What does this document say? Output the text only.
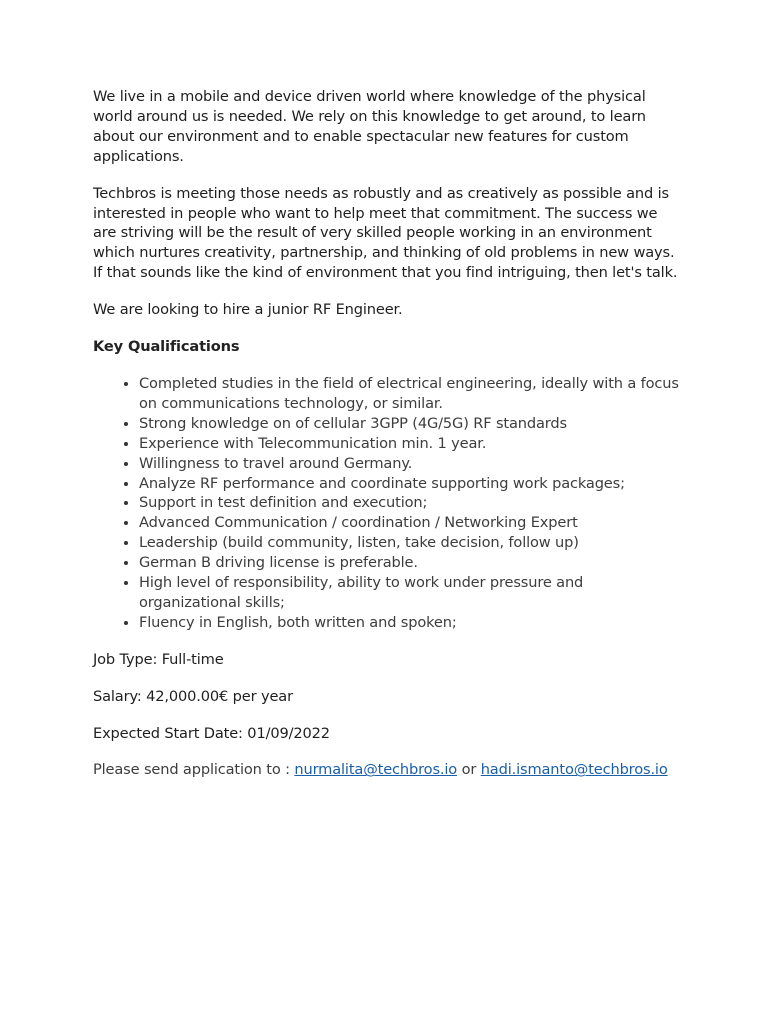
We live in a mobile and device driven world where knowledge of the physical world around us is needed. We rely on this knowledge to get around, to learn about our environment and to enable spectacular new features for custom applications.

Techbros is meeting those needs as robustly and as creatively as possible and is interested in people who want to help meet that commitment. The success we are striving will be the result of very skilled people working in an environment which nurtures creativity, partnership, and thinking of old problems in new ways. If that sounds like the kind of environment that you find intriguing, then let's talk.

We are looking to hire a junior RF Engineer.

Key Qualifications

• Completed studies in the field of electrical engineering, ideally with a focus on communications technology, or similar.
• Strong knowledge on of cellular 3GPP (4G/5G) RF standards
• Experience with Telecommunication min. 1 year.
• Willingness to travel around Germany.
• Analyze RF performance and coordinate supporting work packages;
• Support in test definition and execution;
• Advanced Communication / coordination / Networking Expert
• Leadership (build community, listen, take decision, follow up)
• German B driving license is preferable.
• High level of responsibility, ability to work under pressure and organizational skills;
• Fluency in English, both written and spoken;

Job Type: Full-time

Salary: 42,000.00€ per year

Expected Start Date: 01/09/2022

Please send application to : nurmalita@techbros.io or hadi.ismanto@techbros.io
